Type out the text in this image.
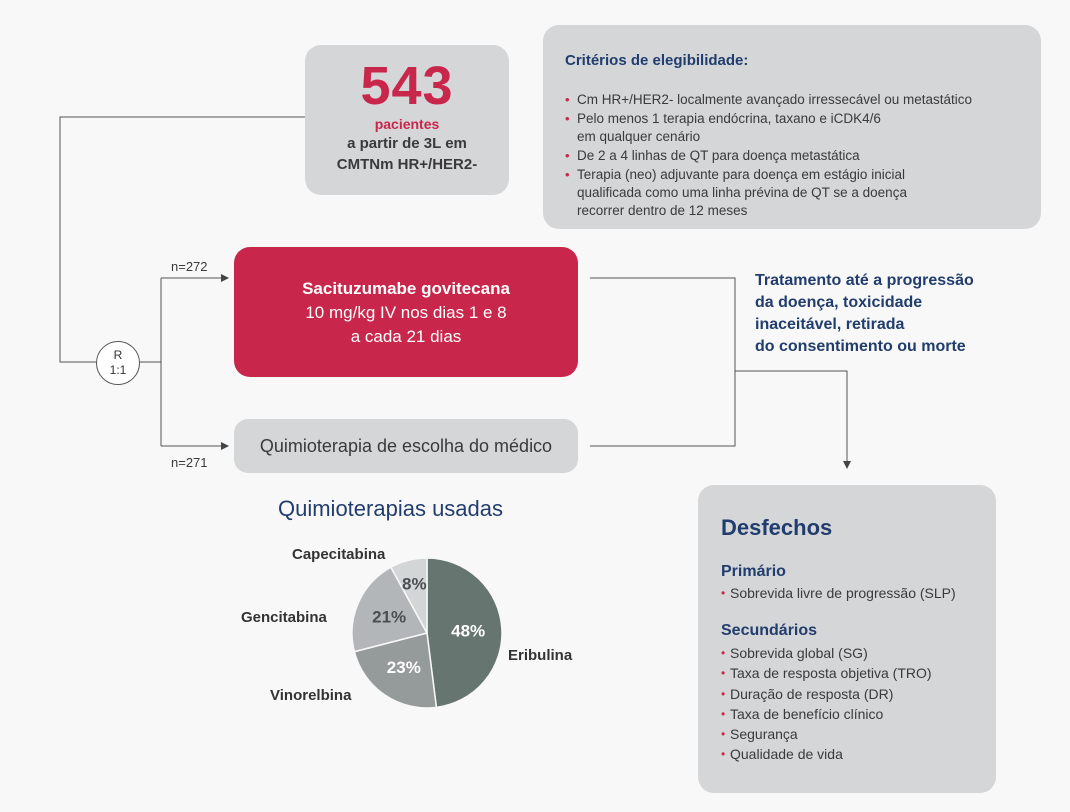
543
pacientes
a partir de 3L em
CMTNm HR+/HER2-
Critérios de elegibilidade:
• Cm HR+/HER2- localmente avançado irressecável ou metastático
• Pelo menos 1 terapia endócrina, taxano e iCDK4/6
em qualquer cenário
• De 2 a 4 linhas de QT para doença metastática
• Terapia (neo) adjuvante para doença em estágio inicial
qualificada como uma linha prévina de QT se a doença
recorrer dentro de 12 meses
R
1:1
n=272
n=271
Sacituzumabe govitecana
10 mg/kg IV nos dias 1 e 8
a cada 21 dias
Quimioterapia de escolha do médico
Tratamento até a progressão
da doença, toxicidade
inaceitável, retirada
do consentimento ou morte
Quimioterapias usadas
48%
23%
21%
8%
Capecitabina
Gencitabina
Vinorelbina
Eribulina
Desfechos
Primário
• Sobrevida livre de progressão (SLP)
Secundários
• Sobrevida global (SG)
• Taxa de resposta objetiva (TRO)
• Duração de resposta (DR)
• Taxa de benefício clínico
• Segurança
• Qualidade de vida
